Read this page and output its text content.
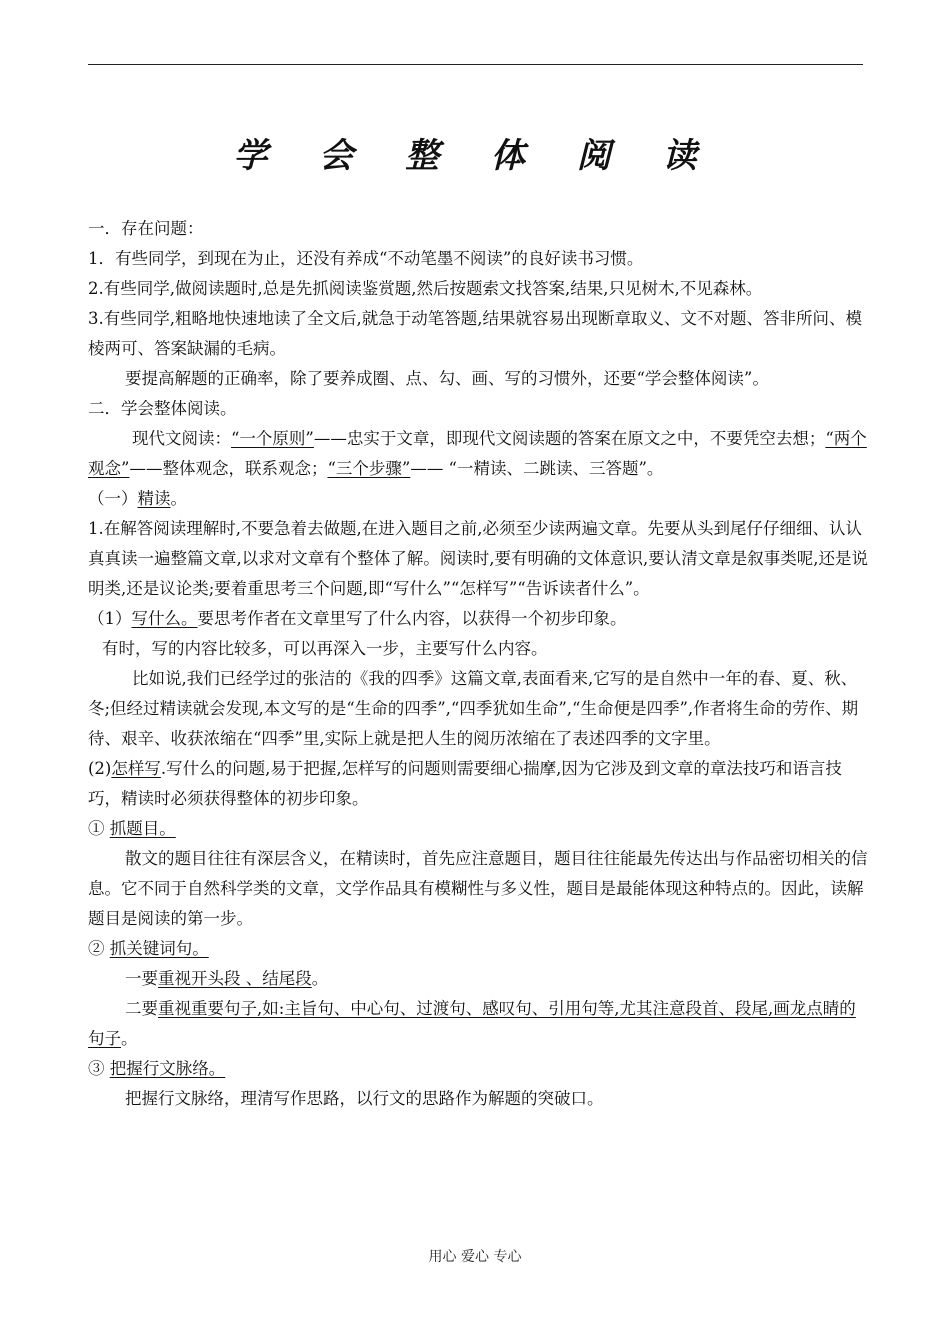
学 会 整 体 阅 读

一．存在问题：

1．有些同学，到现在为止，还没有养成“不动笔墨不阅读”的良好读书习惯。

2.有些同学,做阅读题时,总是先抓阅读鉴赏题,然后按题索文找答案,结果,只见树木,不见森林。

3.有些同学,粗略地快速地读了全文后,就急于动笔答题,结果就容易出现断章取义、文不对题、答非所问、模棱两可、答案缺漏的毛病。

要提高解题的正确率，除了要养成圈、点、勾、画、写的习惯外，还要“学会整体阅读”。

二．学会整体阅读。

现代文阅读：“一个原则”——忠实于文章，即现代文阅读题的答案在原文之中，不要凭空去想；“两个观念”——整体观念，联系观念；“三个步骤”—— “一精读、二跳读、三答题”。

（一）精读。

1.在解答阅读理解时,不要急着去做题,在进入题目之前,必须至少读两遍文章。先要从头到尾仔仔细细、认认真真读一遍整篇文章,以求对文章有个整体了解。阅读时,要有明确的文体意识,要认清文章是叙事类呢,还是说明类,还是议论类;要着重思考三个问题,即“写什么”“怎样写”“告诉读者什么”。

（1）写什么。要思考作者在文章里写了什么内容，以获得一个初步印象。

有时，写的内容比较多，可以再深入一步，主要写什么内容。

比如说,我们已经学过的张洁的《我的四季》这篇文章,表面看来,它写的是自然中一年的春、夏、秋、冬;但经过精读就会发现,本文写的是“生命的四季”,“四季犹如生命”,“生命便是四季”,作者将生命的劳作、期待、艰辛、收获浓缩在“四季”里,实际上就是把人生的阅历浓缩在了表述四季的文字里。

(2)怎样写.写什么的问题,易于把握,怎样写的问题则需要细心揣摩,因为它涉及到文章的章法技巧和语言技巧，精读时必须获得整体的初步印象。

① 抓题目。

散文的题目往往有深层含义，在精读时，首先应注意题目，题目往往能最先传达出与作品密切相关的信息。它不同于自然科学类的文章，文学作品具有模糊性与多义性，题目是最能体现这种特点的。因此，读解题目是阅读的第一步。

② 抓关键词句。

一要重视开头段 、结尾段。

二要重视重要句子,如:主旨句、中心句、过渡句、感叹句、引用句等,尤其注意段首、段尾,画龙点睛的句子。

③ 把握行文脉络。

把握行文脉络，理清写作思路，以行文的思路作为解题的突破口。

用心 爱心 专心
